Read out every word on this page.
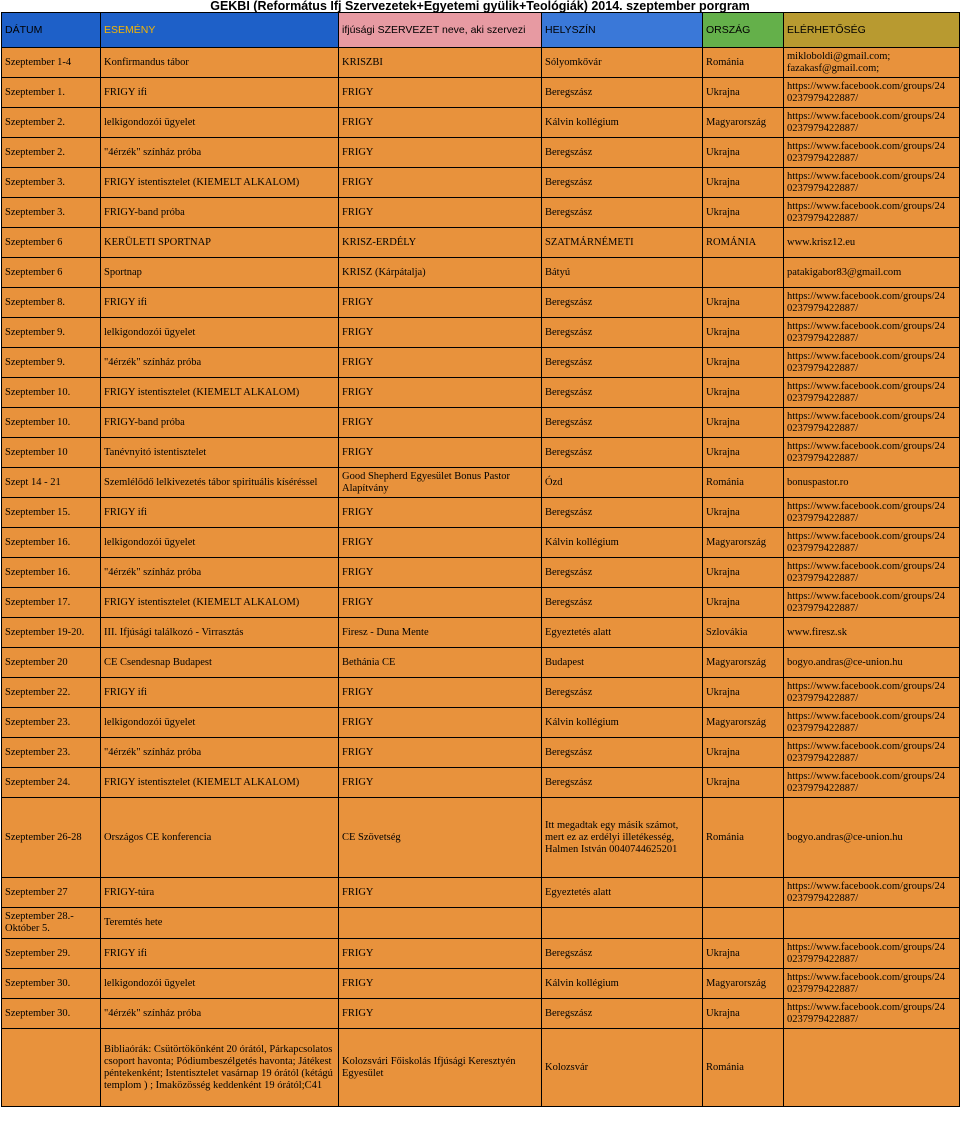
GEKBI (Református Ifj Szervezetek+Egyetemi gyülik+Teológiák) 2014. szeptember porgram
DÁTUM	ESEMÉNY	ifjúsági SZERVEZET neve, aki szervezi	HELYSZÍN	ORSZÁG	ELÉRHETŐSÉG
Szeptember 1-4	Konfirmandus tábor	KRISZBI	Sólyomkővár	Románia	mikloboldi@gmail.com; fazakasf@gmail.com;
Szeptember 1.	FRIGY ifi	FRIGY	Beregszász	Ukrajna	https://www.facebook.com/groups/24 0237979422887/
Szeptember 2.	lelkigondozói ügyelet	FRIGY	Kálvin kollégium	Magyarország	https://www.facebook.com/groups/24 0237979422887/
Szeptember 2.	"4érzék" színház próba	FRIGY	Beregszász	Ukrajna	https://www.facebook.com/groups/24 0237979422887/
Szeptember 3.	FRIGY istentisztelet (KIEMELT ALKALOM)	FRIGY	Beregszász	Ukrajna	https://www.facebook.com/groups/24 0237979422887/
Szeptember 3.	FRIGY-band próba	FRIGY	Beregszász	Ukrajna	https://www.facebook.com/groups/24 0237979422887/
Szeptember 6	KERÜLETI SPORTNAP	KRISZ-ERDÉLY	SZATMÁRNÉMETI	ROMÁNIA	www.krisz12.eu
Szeptember 6	Sportnap	KRISZ (Kárpátalja)	Bátyú		patakigabor83@gmail.com
Szeptember 8.	FRIGY ifi	FRIGY	Beregszász	Ukrajna	https://www.facebook.com/groups/24 0237979422887/
Szeptember 9.	lelkigondozói ügyelet	FRIGY	Beregszász	Ukrajna	https://www.facebook.com/groups/24 0237979422887/
Szeptember 9.	"4érzék" színház próba	FRIGY	Beregszász	Ukrajna	https://www.facebook.com/groups/24 0237979422887/
Szeptember 10.	FRIGY istentisztelet (KIEMELT ALKALOM)	FRIGY	Beregszász	Ukrajna	https://www.facebook.com/groups/24 0237979422887/
Szeptember 10.	FRIGY-band próba	FRIGY	Beregszász	Ukrajna	https://www.facebook.com/groups/24 0237979422887/
Szeptember 10	Tanévnyitó istentisztelet	FRIGY	Beregszász	Ukrajna	https://www.facebook.com/groups/24 0237979422887/
Szept 14 - 21	Szemlélődő lelkivezetés tábor spirituális kíséréssel	Good Shepherd Egyesület Bonus Pastor Alapítvány	Ózd	Románia	bonuspastor.ro
Szeptember 15.	FRIGY ifi	FRIGY	Beregszász	Ukrajna	https://www.facebook.com/groups/24 0237979422887/
Szeptember 16.	lelkigondozói ügyelet	FRIGY	Kálvin kollégium	Magyarország	https://www.facebook.com/groups/24 0237979422887/
Szeptember 16.	"4érzék" színház próba	FRIGY	Beregszász	Ukrajna	https://www.facebook.com/groups/24 0237979422887/
Szeptember 17.	FRIGY istentisztelet (KIEMELT ALKALOM)	FRIGY	Beregszász	Ukrajna	https://www.facebook.com/groups/24 0237979422887/
Szeptember 19-20.	III. Ifjúsági találkozó - Virrasztás	Firesz - Duna Mente	Egyeztetés alatt	Szlovákia	www.firesz.sk
Szeptember 20	CE Csendesnap Budapest	Bethánia CE	Budapest	Magyarország	bogyo.andras@ce-union.hu
Szeptember 22.	FRIGY ifi	FRIGY	Beregszász	Ukrajna	https://www.facebook.com/groups/24 0237979422887/
Szeptember 23.	lelkigondozói ügyelet	FRIGY	Kálvin kollégium	Magyarország	https://www.facebook.com/groups/24 0237979422887/
Szeptember 23.	"4érzék" színház próba	FRIGY	Beregszász	Ukrajna	https://www.facebook.com/groups/24 0237979422887/
Szeptember 24.	FRIGY istentisztelet (KIEMELT ALKALOM)	FRIGY	Beregszász	Ukrajna	https://www.facebook.com/groups/24 0237979422887/
Szeptember 26-28	Országos CE konferencia	CE Szövetség	Itt megadtak egy másik számot, mert ez az erdélyi illetékesség, Halmen István 0040744625201	Románia	bogyo.andras@ce-union.hu
Szeptember 27	FRIGY-túra	FRIGY	Egyeztetés alatt		https://www.facebook.com/groups/24 0237979422887/
Szeptember 28.- Október 5.	Teremtés hete				
Szeptember 29.	FRIGY ifi	FRIGY	Beregszász	Ukrajna	https://www.facebook.com/groups/24 0237979422887/
Szeptember 30.	lelkigondozói ügyelet	FRIGY	Kálvin kollégium	Magyarország	https://www.facebook.com/groups/24 0237979422887/
Szeptember 30.	"4érzék" színház próba	FRIGY	Beregszász	Ukrajna	https://www.facebook.com/groups/24 0237979422887/
	Bibliaórák: Csütörtökönként 20 órától, Párkapcsolatos csoport havonta; Pódiumbeszélgetés havonta; Játékest péntekenként; Istentisztelet vasárnap 19 órától (kétágú templom ) ; Imaközösség keddenként 19 órától;C41	Kolozsvári Főiskolás Ifjúsági Keresztyén Egyesület	Kolozsvár	Románia	
